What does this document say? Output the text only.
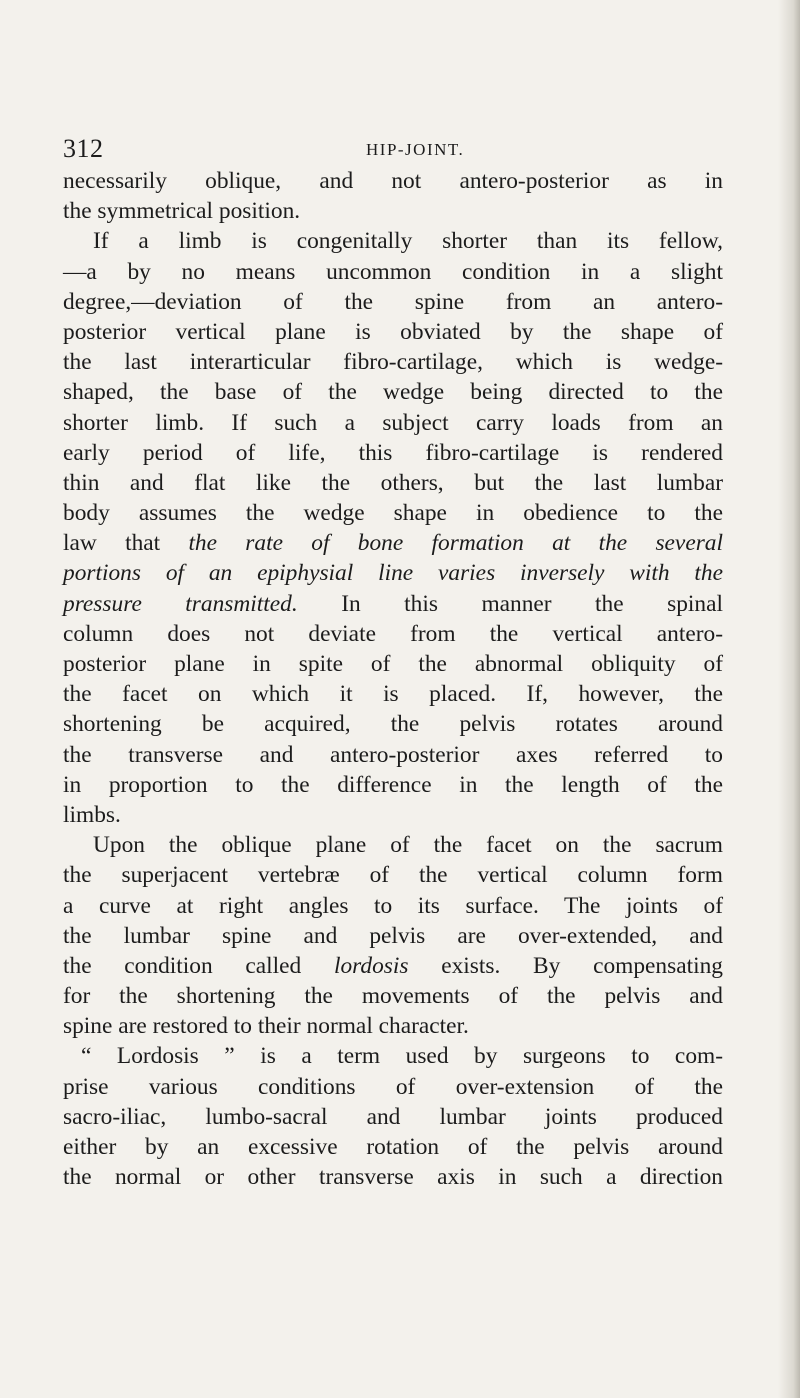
312	HIP-JOINT.
necessarily oblique, and not antero-posterior as in
the symmetrical position.
If a limb is congenitally shorter than its fellow,
—a by no means uncommon condition in a slight
degree,—deviation of the spine from an antero-
posterior vertical plane is obviated by the shape of
the last interarticular fibro-cartilage, which is wedge-
shaped, the base of the wedge being directed to the
shorter limb. If such a subject carry loads from an
early period of life, this fibro-cartilage is rendered
thin and flat like the others, but the last lumbar
body assumes the wedge shape in obedience to the
law that the rate of bone formation at the several
portions of an epiphysial line varies inversely with the
pressure transmitted. In this manner the spinal
column does not deviate from the vertical antero-
posterior plane in spite of the abnormal obliquity of
the facet on which it is placed. If, however, the
shortening be acquired, the pelvis rotates around
the transverse and antero-posterior axes referred to
in proportion to the difference in the length of the
limbs.
Upon the oblique plane of the facet on the sacrum
the superjacent vertebræ of the vertical column form
a curve at right angles to its surface. The joints of
the lumbar spine and pelvis are over-extended, and
the condition called lordosis exists. By compensating
for the shortening the movements of the pelvis and
spine are restored to their normal character.
“ Lordosis ” is a term used by surgeons to com-
prise various conditions of over-extension of the
sacro-iliac, lumbo-sacral and lumbar joints produced
either by an excessive rotation of the pelvis around
the normal or other transverse axis in such a direction
